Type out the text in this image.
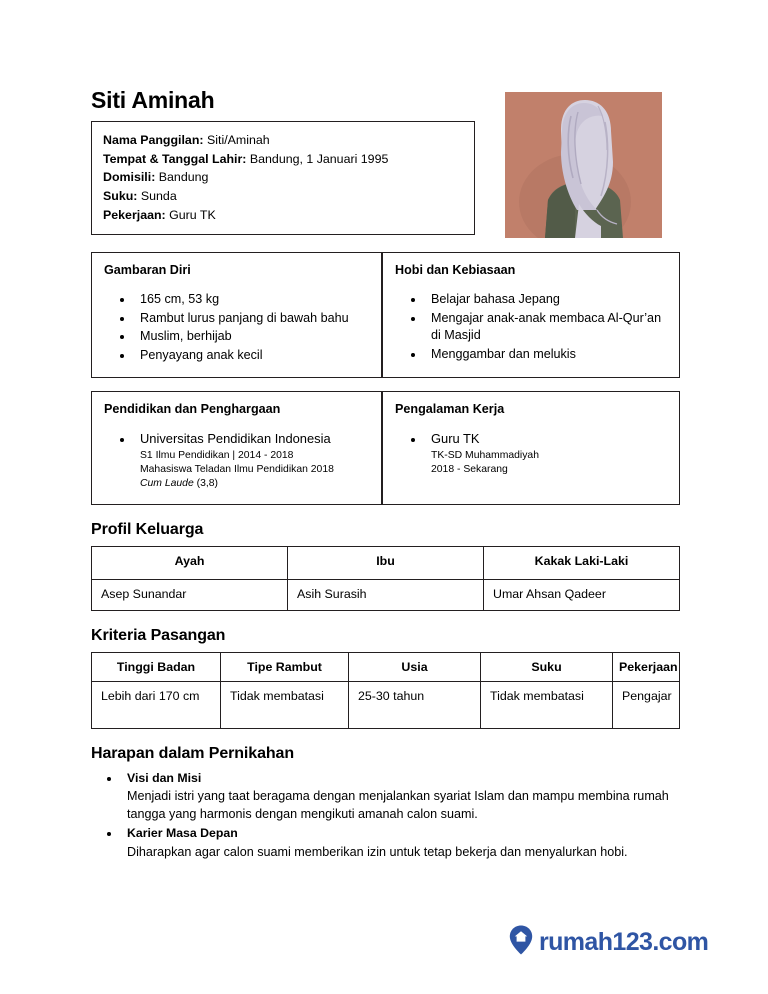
Siti Aminah
Nama Panggilan: Siti/Aminah
Tempat & Tanggal Lahir: Bandung, 1 Januari 1995
Domisili: Bandung
Suku: Sunda
Pekerjaan: Guru TK
Gambaran Diri
• 165 cm, 53 kg
• Rambut lurus panjang di bawah bahu
• Muslim, berhijab
• Penyayang anak kecil
Hobi dan Kebiasaan
• Belajar bahasa Jepang
• Mengajar anak-anak membaca Al-Qur’an di Masjid
• Menggambar dan melukis
Pendidikan dan Penghargaan
• Universitas Pendidikan Indonesia
S1 Ilmu Pendidikan | 2014 - 2018
Mahasiswa Teladan Ilmu Pendidikan 2018
Cum Laude (3,8)
Pengalaman Kerja
• Guru TK
TK-SD Muhammadiyah
2018 - Sekarang
Profil Keluarga
Ayah	Ibu	Kakak Laki-Laki
Asep Sunandar	Asih Surasih	Umar Ahsan Qadeer
Kriteria Pasangan
Tinggi Badan	Tipe Rambut	Usia	Suku	Pekerjaan
Lebih dari 170 cm	Tidak membatasi	25-30 tahun	Tidak membatasi	Pengajar
Harapan dalam Pernikahan
• Visi dan Misi
Menjadi istri yang taat beragama dengan menjalankan syariat Islam dan mampu membina rumah tangga yang harmonis dengan mengikuti amanah calon suami.
• Karier Masa Depan
Diharapkan agar calon suami memberikan izin untuk tetap bekerja dan menyalurkan hobi.
rumah123.com
